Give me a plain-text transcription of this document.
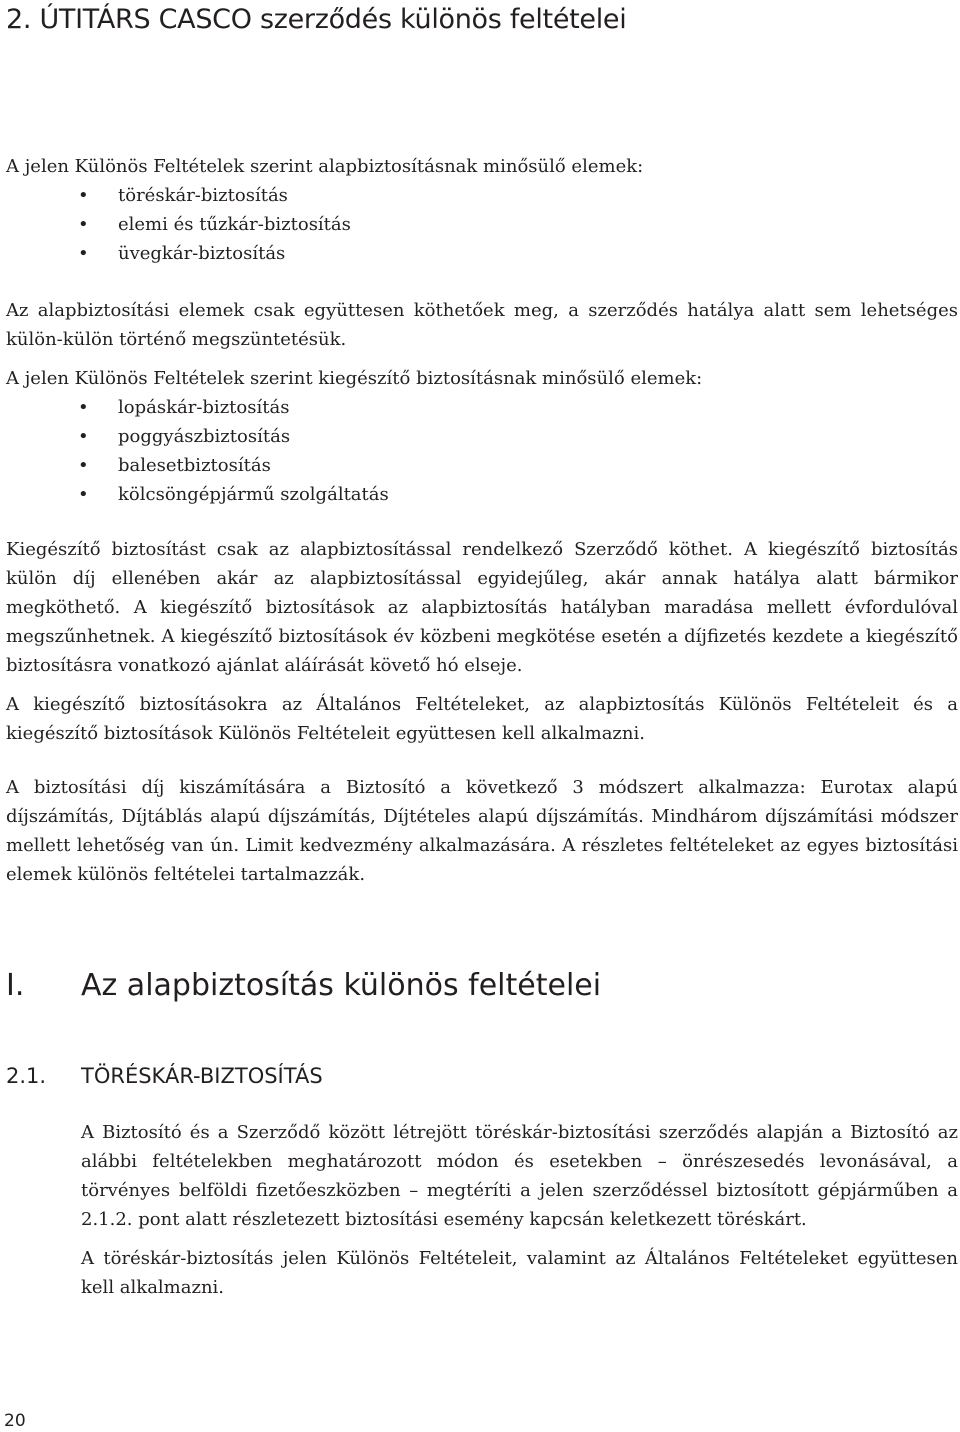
2. ÚTITÁRS CASCO szerződés különös feltételei

A jelen Különös Feltételek szerint alapbiztosításnak minősülő elemek:

• töréskár-biztosítás
• elemi és tűzkár-biztosítás
• üvegkár-biztosítás

Az alapbiztosítási elemek csak együttesen köthetőek meg, a szerződés hatálya alatt sem lehetséges külön-külön történő megszüntetésük.

A jelen Különös Feltételek szerint kiegészítő biztosításnak minősülő elemek:

• lopáskár-biztosítás
• poggyászbiztosítás
• balesetbiztosítás
• kölcsöngépjármű szolgáltatás

Kiegészítő biztosítást csak az alapbiztosítással rendelkező Szerződő köthet. A kiegészítő biztosítás külön díj ellenében akár az alapbiztosítással egyidejűleg, akár annak hatálya alatt bármikor megköthető. A kiegészítő biztosítások az alapbiztosítás hatályban maradása mellett évfordulóval megszűnhetnek. A kiegészítő biztosítások év közbeni megkötése esetén a díjfizetés kezdete a kiegészítő biztosításra vonatkozó ajánlat aláírását követő hó elseje.

A kiegészítő biztosításokra az Általános Feltételeket, az alapbiztosítás Különös Feltételeit és a kiegészítő biztosítások Különös Feltételeit együttesen kell alkalmazni.

A biztosítási díj kiszámítására a Biztosító a következő 3 módszert alkalmazza: Eurotax alapú díjszámítás, Díjtáblás alapú díjszámítás, Díjtételes alapú díjszámítás. Mindhárom díjszámítási módszer mellett lehetőség van ún. Limit kedvezmény alkalmazására. A részletes feltételeket az egyes biztosítási elemek különös feltételei tartalmazzák.

I. Az alapbiztosítás különös feltételei
2.1. TÖRÉSKÁR-BIZTOSÍTÁS

A Biztosító és a Szerződő között létrejött töréskár-biztosítási szerződés alapján a Biztosító az alábbi feltételekben meghatározott módon és esetekben – önrészesedés levonásával, a törvényes belföldi fizetőeszközben – megtéríti a jelen szerződéssel biztosított gépjárműben a 2.1.2. pont alatt részletezett biztosítási esemény kapcsán keletkezett töréskárt.

A töréskár-biztosítás jelen Különös Feltételeit, valamint az Általános Feltételeket együttesen kell alkalmazni.

20
